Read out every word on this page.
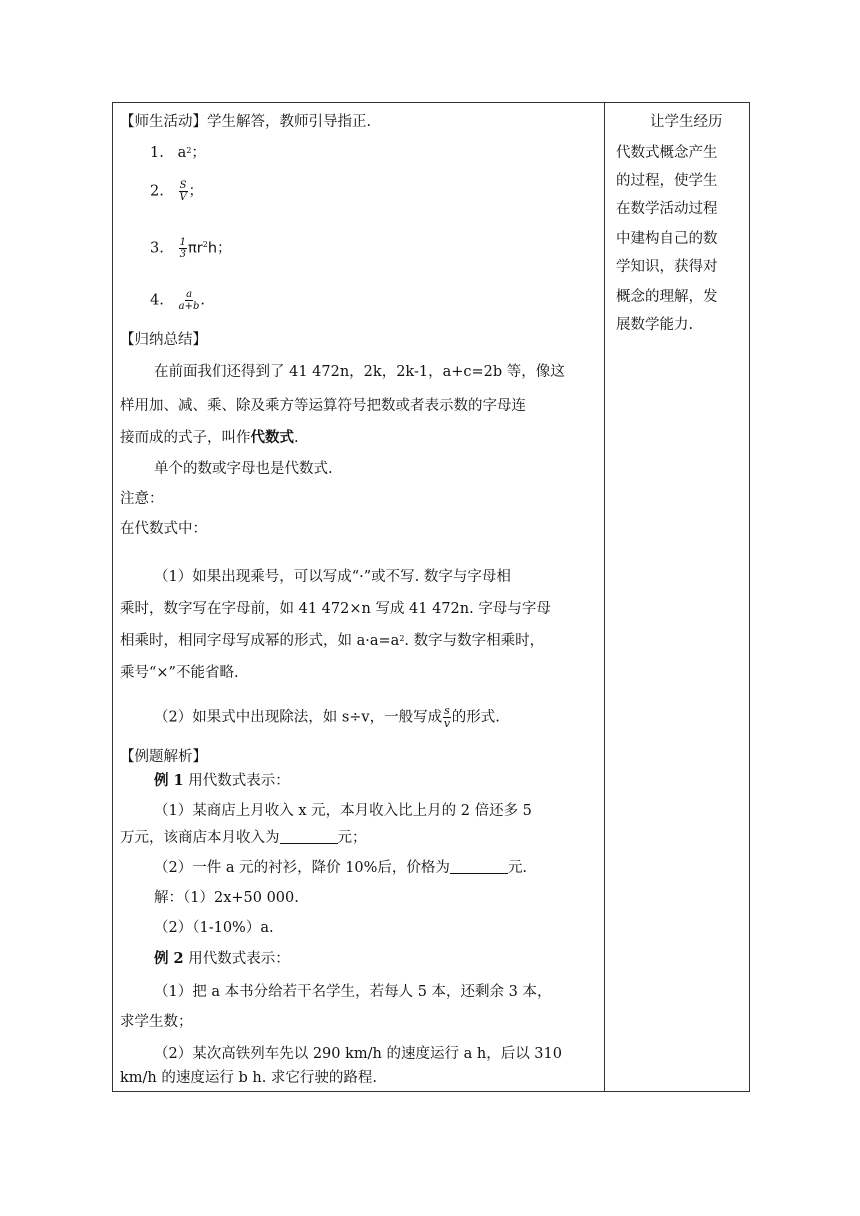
【师生活动】学生解答，教师引导指正.
1. $a^2$；
2. $\frac{S}{V}$ ；
3. $\frac{1}{3} \pi r^2h$；
4. $\frac{a}{a+b}$ .
【归纳总结】
在前面我们还得到了 41 472n，2k，2k-1，a+c=2b 等，像这
样用加、减、乘、除及乘方等运算符号把数或者表示数的字母连
接而成的式子，叫作代数式.
单个的数或字母也是代数式.
注意：
在代数式中：
（1）如果出现乘号，可以写成“·”或不写. 数字与字母相
乘时，数字写在字母前，如 41 472×n 写成 41 472n. 字母与字母
相乘时，相同字母写成幂的形式，如 $a\cdot a=a^2$. 数字与数字相乘时，
乘号“×”不能省略.
（2）如果式中出现除法，如 s÷v，一般写成 $\frac{s}{v}$ 的形式.
【例题解析】
例 1 用代数式表示：
（1）某商店上月收入 x 元，本月收入比上月的 2 倍还多 5
万元，该商店本月收入为	元；
（2）一件 a 元的衬衫，降价 10%后，价格为	元.
解：（1）2x+50 000.
（2）（1-10%）a.
例 2 用代数式表示：
（1）把 a 本书分给若干名学生，若每人 5 本，还剩余 3 本，
求学生数；
（2）某次高铁列车先以 290 km/h 的速度运行 a h，后以 310
km/h 的速度运行 b h. 求它行驶的路程.
让学生经历
代数式概念产生
的过程，使学生
在数学活动过程
中建构自己的数
学知识，获得对
概念的理解，发
展数学能力.
